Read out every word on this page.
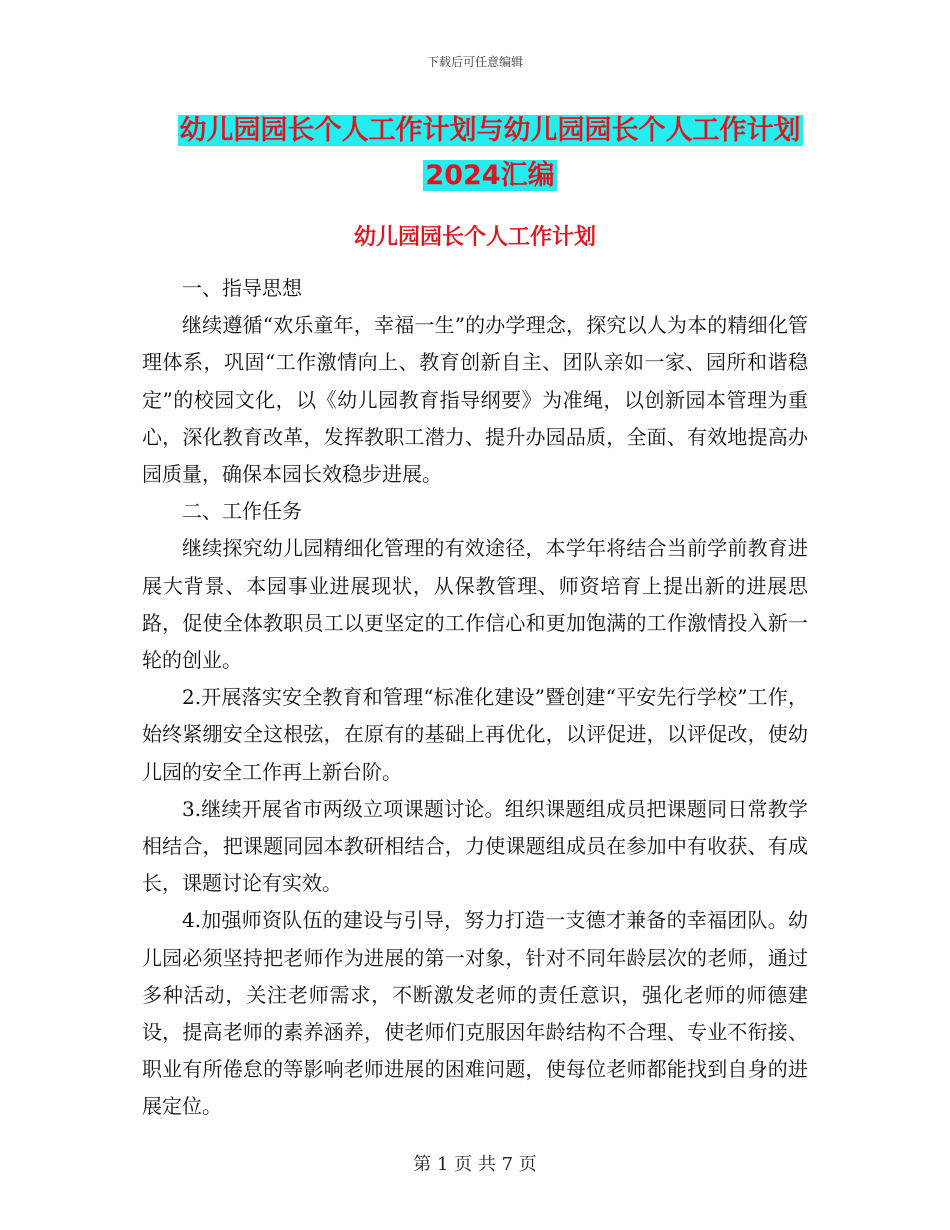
下载后可任意编辑
幼儿园园长个人工作计划与幼儿园园长个人工作计划
2024汇编
幼儿园园长个人工作计划

一、指导思想

继续遵循“欢乐童年，幸福一生”的办学理念，探究以人为本的精细化管理体系，巩固“工作激情向上、教育创新自主、团队亲如一家、园所和谐稳定”的校园文化，以《幼儿园教育指导纲要》为准绳，以创新园本管理为重心，深化教育改革，发挥教职工潜力、提升办园品质，全面、有效地提高办园质量，确保本园长效稳步进展。

二、工作任务

继续探究幼儿园精细化管理的有效途径，本学年将结合当前学前教育进展大背景、本园事业进展现状，从保教管理、师资培育上提出新的进展思路，促使全体教职员工以更坚定的工作信心和更加饱满的工作激情投入新一轮的创业。

2.开展落实安全教育和管理“标准化建设”暨创建“平安先行学校”工作，始终紧绷安全这根弦，在原有的基础上再优化，以评促进，以评促改，使幼儿园的安全工作再上新台阶。

3.继续开展省市两级立项课题讨论。组织课题组成员把课题同日常教学相结合，把课题同园本教研相结合，力使课题组成员在参加中有收获、有成长，课题讨论有实效。

4.加强师资队伍的建设与引导，努力打造一支德才兼备的幸福团队。幼儿园必须坚持把老师作为进展的第一对象，针对不同年龄层次的老师，通过多种活动，关注老师需求，不断激发老师的责任意识，强化老师的师德建设，提高老师的素养涵养，使老师们克服因年龄结构不合理、专业不衔接、职业有所倦怠的等影响老师进展的困难问题，使每位老师都能找到自身的进展定位。

第 1 页 共 7 页
